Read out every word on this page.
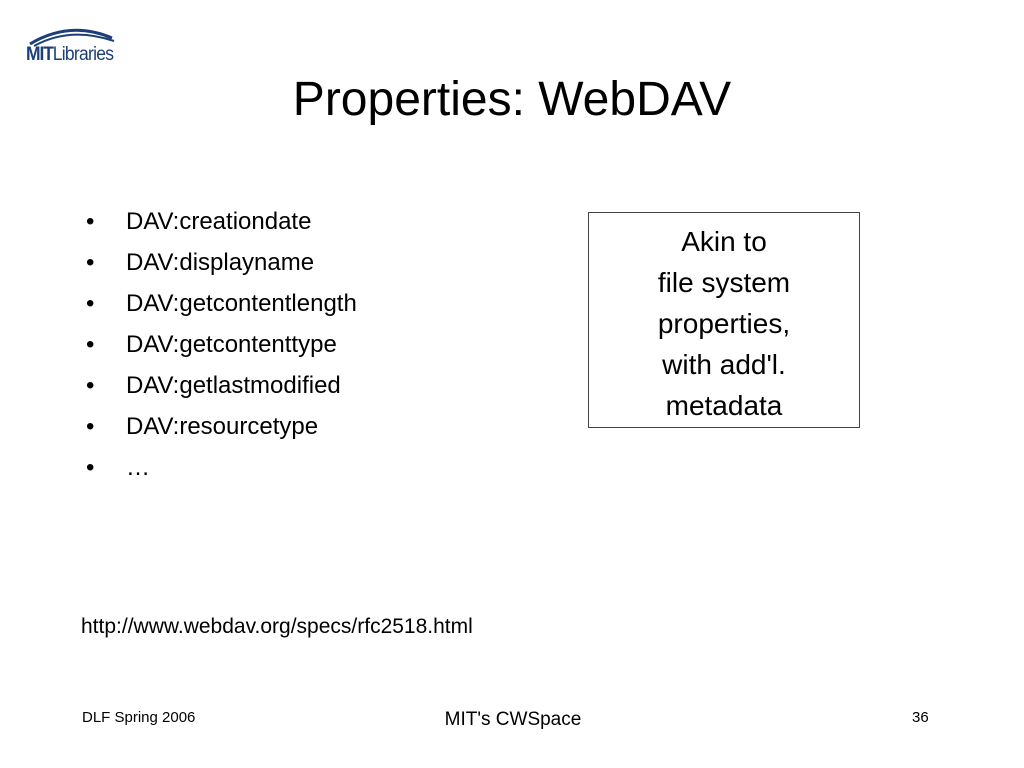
MITLibraries
Properties: WebDAV
• DAV:creationdate
• DAV:displayname
• DAV:getcontentlength
• DAV:getcontenttype
• DAV:getlastmodified
• DAV:resourcetype
• …
Akin to
file system
properties,
with add'l.
metadata
http://www.webdav.org/specs/rfc2518.html
DLF Spring 2006	MIT's CWSpace	36
